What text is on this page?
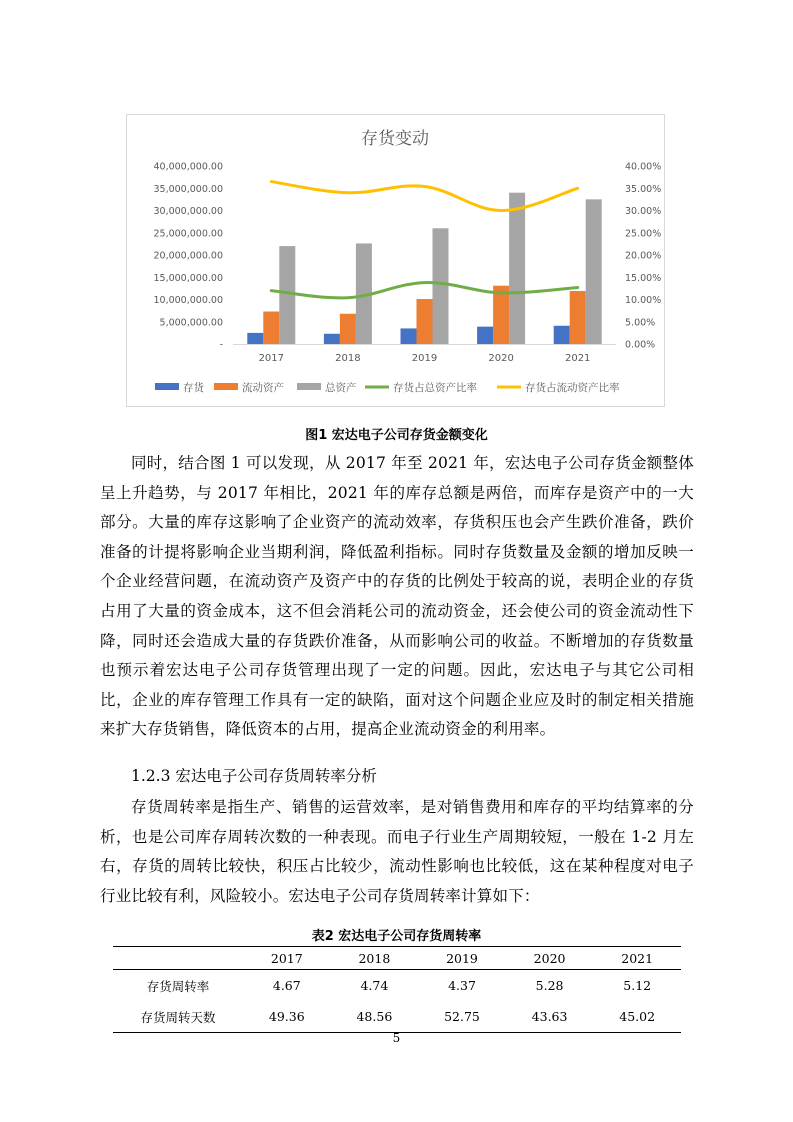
存货变动
-
5,000,000.00
10,000,000.00
15,000,000.00
20,000,000.00
25,000,000.00
30,000,000.00
35,000,000.00
40,000,000.00
0.00%
5.00%
10.00%
15.00%
20.00%
25.00%
30.00%
35.00%
40.00%
2017	2018	2019	2020	2021
存货	流动资产	总资产	存货占总资产比率	存货占流动资产比率
图1 宏达电子公司存货金额变化

同时，结合图 1 可以发现，从 2017 年至 2021 年，宏达电子公司存货金额整体呈上升趋势，与 2017 年相比，2021 年的库存总额是两倍，而库存是资产中的一大部分。大量的库存这影响了企业资产的流动效率，存货积压也会产生跌价准备，跌价准备的计提将影响企业当期利润，降低盈利指标。同时存货数量及金额的增加反映一个企业经营问题，在流动资产及资产中的存货的比例处于较高的说，表明企业的存货占用了大量的资金成本，这不但会消耗公司的流动资金，还会使公司的资金流动性下降，同时还会造成大量的存货跌价准备，从而影响公司的收益。不断增加的存货数量也预示着宏达电子公司存货管理出现了一定的问题。因此，宏达电子与其它公司相比，企业的库存管理工作具有一定的缺陷，面对这个问题企业应及时的制定相关措施来扩大存货销售，降低资本的占用，提高企业流动资金的利用率。

1.2.3 宏达电子公司存货周转率分析

存货周转率是指生产、销售的运营效率，是对销售费用和库存的平均结算率的分析，也是公司库存周转次数的一种表现。而电子行业生产周期较短，一般在 1-2 月左右，存货的周转比较快，积压占比较少，流动性影响也比较低，这在某种程度对电子行业比较有利，风险较小。宏达电子公司存货周转率计算如下：

表2 宏达电子公司存货周转率
	2017	2018	2019	2020	2021
存货周转率	4.67	4.74	4.37	5.28	5.12
存货周转天数	49.36	48.56	52.75	43.63	45.02
5
